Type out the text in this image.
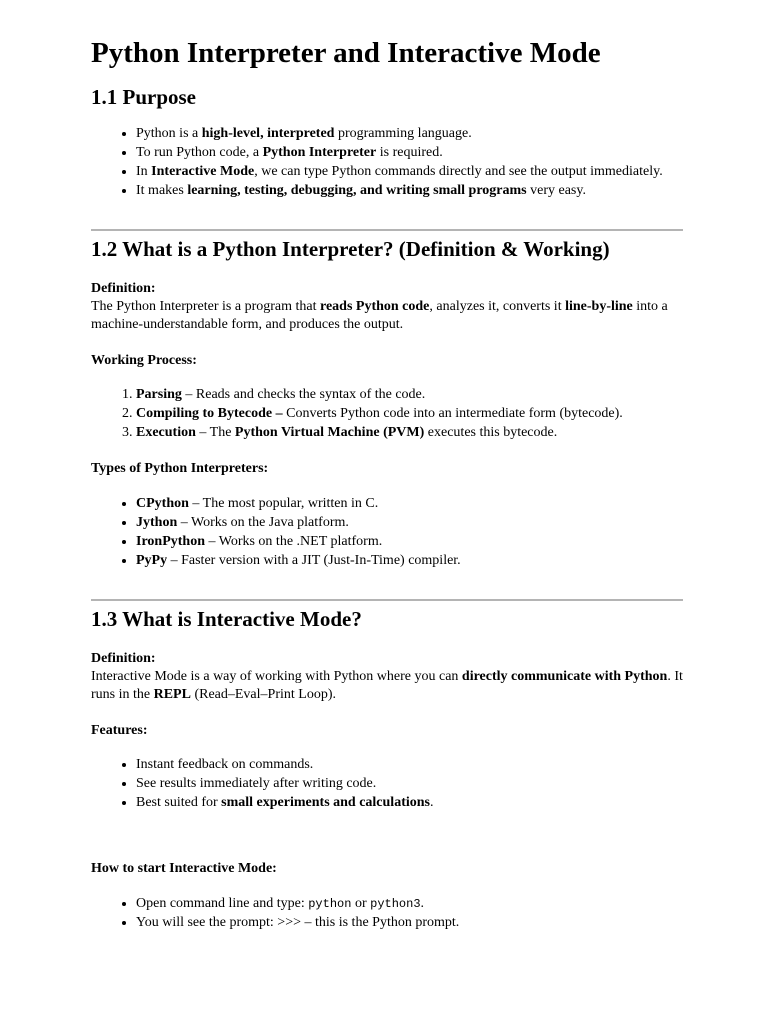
Python Interpreter and Interactive Mode
1.1 Purpose
• Python is a high-level, interpreted programming language.
• To run Python code, a Python Interpreter is required.
• In Interactive Mode, we can type Python commands directly and see the output immediately.
• It makes learning, testing, debugging, and writing small programs very easy.
1.2 What is a Python Interpreter? (Definition & Working)

Definition:

The Python Interpreter is a program that reads Python code, analyzes it, converts it line-by-line into a machine-understandable form, and produces the output.

Working Process:

1. Parsing – Reads and checks the syntax of the code.
2. Compiling to Bytecode – Converts Python code into an intermediate form (bytecode).
3. Execution – The Python Virtual Machine (PVM) executes this bytecode.

Types of Python Interpreters:

• CPython – The most popular, written in C.
• Jython – Works on the Java platform.
• IronPython – Works on the .NET platform.
• PyPy – Faster version with a JIT (Just-In-Time) compiler.
1.3 What is Interactive Mode?

Definition:

Interactive Mode is a way of working with Python where you can directly communicate with Python. It runs in the REPL (Read–Eval–Print Loop).

Features:

• Instant feedback on commands.
• See results immediately after writing code.
• Best suited for small experiments and calculations.

How to start Interactive Mode:

• Open command line and type: python or python3.
• You will see the prompt: >>> – this is the Python prompt.
